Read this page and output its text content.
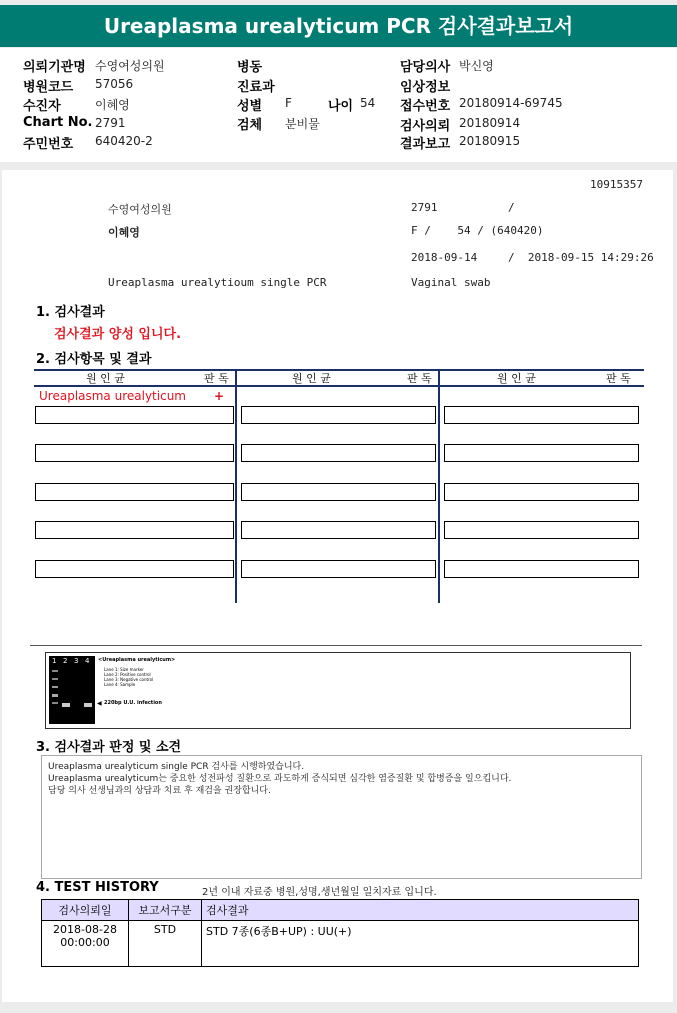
Ureaplasma urealyticum PCR 검사결과보고서
의뢰기관명 수영여성의원
병원코드 57056
수진자	이혜영
Chart No. 2791
주민번호 640420-2
병동
진료과
성별 F	나이 54
검체 분비물
담당의사 박신영
임상정보
접수번호 20180914-69745
검사의뢰 20180914
결과보고 20180915
10915357
수영여성의원	2791	/
이혜영	F /    54 / (640420)
2018-09-14	/  2018-09-15 14:29:26
Ureaplasma urealytioum single PCR	Vaginal swab
1. 검사결과
검사결과 양성 입니다.
2. 검사항목 및 결과
원 인 균	판 독	원 인 균	판 독	원 인 균	판 독
Ureaplasma urealyticum +
1 2 3 4 <Ureaplasma urealyticum>
Lane 1: Size marker
Lane 2: Positive control
Lane 3: Negative control
Lane 4: Sample
◀ 220bp U.U. infection
3. 검사결과 판정 및 소견
Ureaplasma urealyticum single PCR 검사를 시행하였습니다.
Ureaplasma urealyticum는 중요한 성전파성 질환으로 과도하게 증식되면 심각한 염증질환 및 합병증을 일으킵니다.
담당 의사 선생님과의 상담과 치료 후 재검을 권장합니다.
4. TEST HISTORY	2년 이내 자료중 병원,성명,생년월일 일치자료 입니다.
검사의뢰일	보고서구분	검사결과

2018-08-28
00:00:00	STD	STD 7종(6종B+UP) : UU(+)
